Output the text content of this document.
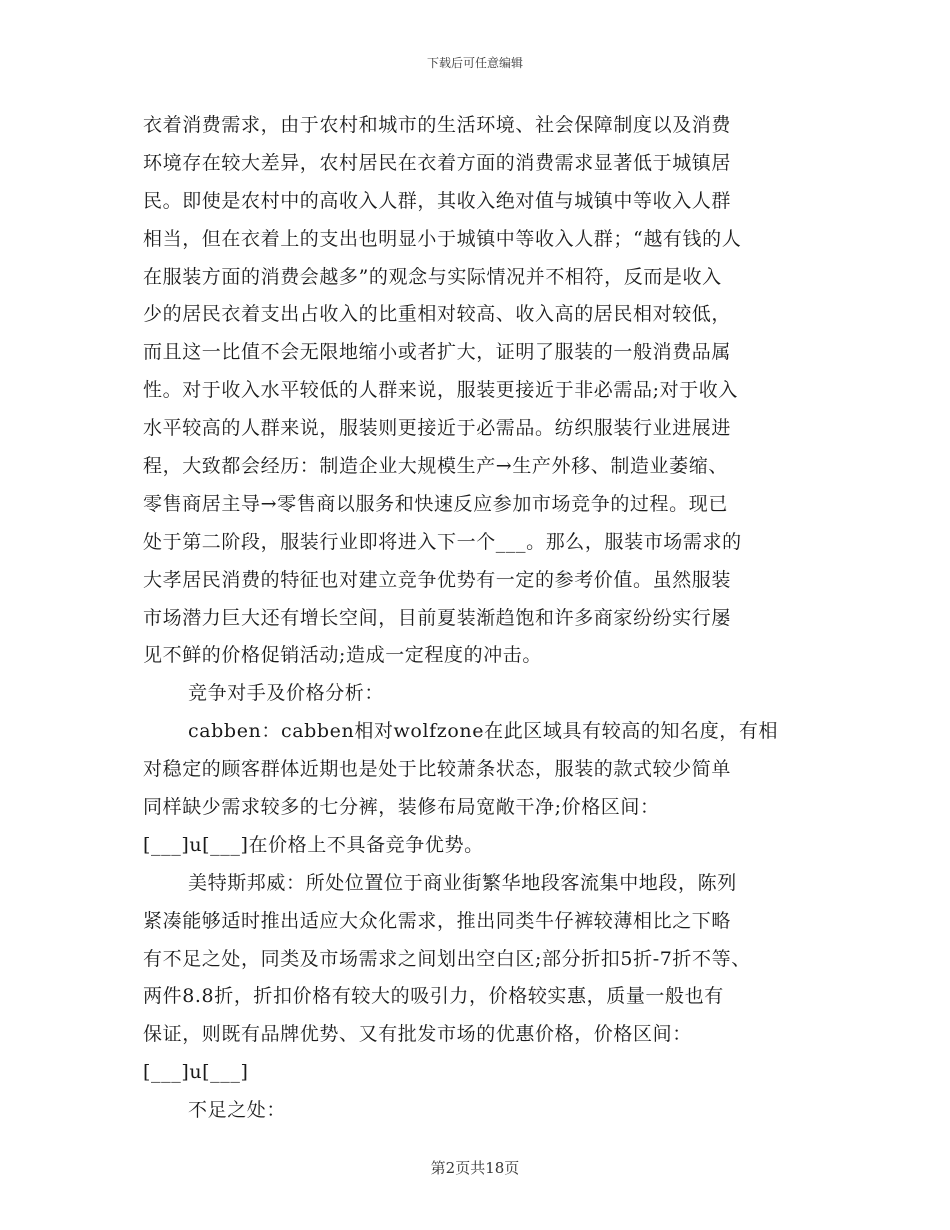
下载后可任意编辑
衣着消费需求，由于农村和城市的生活环境、社会保障制度以及消费
环境存在较大差异，农村居民在衣着方面的消费需求显著低于城镇居
民。即使是农村中的高收入人群，其收入绝对值与城镇中等收入人群
相当，但在衣着上的支出也明显小于城镇中等收入人群；“越有钱的人
在服装方面的消费会越多”的观念与实际情况并不相符，反而是收入
少的居民衣着支出占收入的比重相对较高、收入高的居民相对较低，
而且这一比值不会无限地缩小或者扩大，证明了服装的一般消费品属
性。对于收入水平较低的人群来说，服装更接近于非必需品;对于收入
水平较高的人群来说，服装则更接近于必需品。纺织服装行业进展进
程，大致都会经历：制造企业大规模生产→生产外移、制造业萎缩、
零售商居主导→零售商以服务和快速反应参加市场竞争的过程。现已
处于第二阶段，服装行业即将进入下一个___。那么，服装市场需求的
大孝居民消费的特征也对建立竞争优势有一定的参考价值。虽然服装
市场潜力巨大还有增长空间，目前夏装渐趋饱和许多商家纷纷实行屡
见不鲜的价格促销活动;造成一定程度的冲击。
竞争对手及价格分析：
cabben：cabben相对wolfzone在此区域具有较高的知名度，有相
对稳定的顾客群体近期也是处于比较萧条状态，服装的款式较少简单
同样缺少需求较多的七分裤，装修布局宽敞干净;价格区间：
[___]u[___]在价格上不具备竞争优势。
美特斯邦威：所处位置位于商业街繁华地段客流集中地段，陈列
紧凑能够适时推出适应大众化需求，推出同类牛仔裤较薄相比之下略
有不足之处，同类及市场需求之间划出空白区;部分折扣5折-7折不等、
两件8.8折，折扣价格有较大的吸引力，价格较实惠，质量一般也有
保证，则既有品牌优势、又有批发市场的优惠价格，价格区间：
[___]u[___]
不足之处：
第2页共18页
